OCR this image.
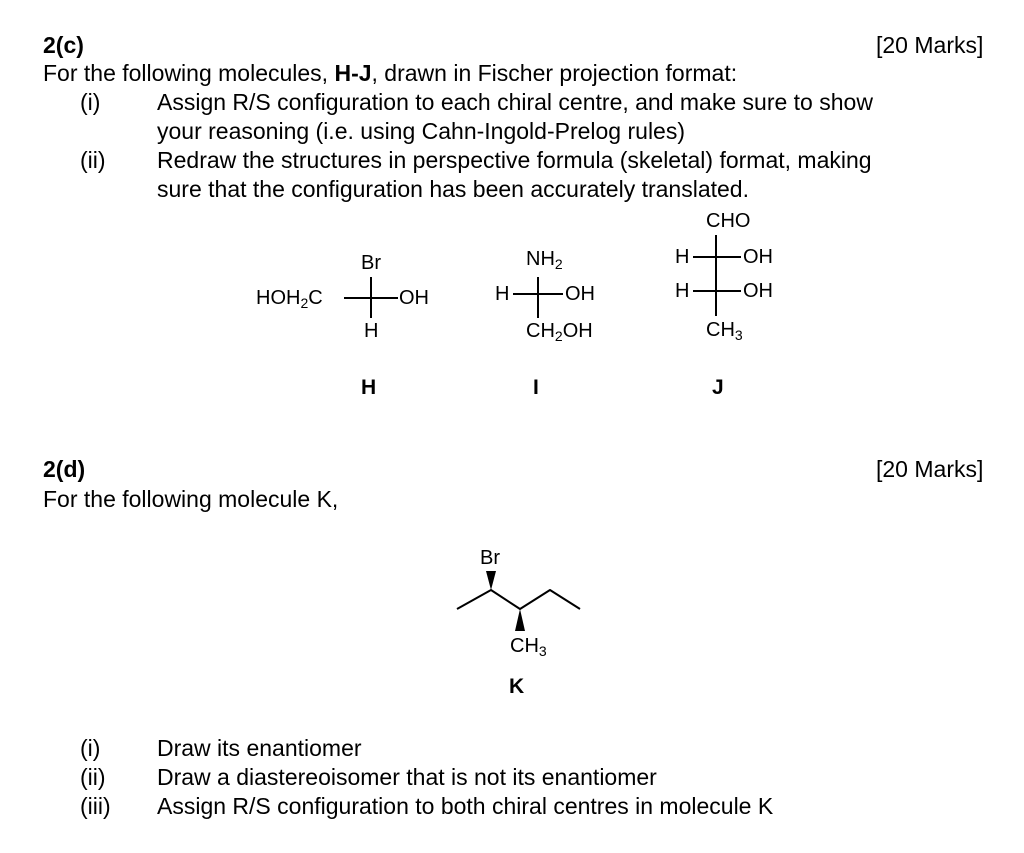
2(c)	[20 Marks]
For the following molecules, H-J, drawn in Fischer projection format:
(i) Assign R/S configuration to each chiral centre, and make sure to show
your reasoning (i.e. using Cahn-Ingold-Prelog rules)
(ii) Redraw the structures in perspective formula (skeletal) format, making
sure that the configuration has been accurately translated.
Br
$HOH_2C$	OH
H
H
$NH_2$
H	OH
$CH_2OH$
I
CHO
H	OH
H	OH
$CH_3$
J
2(d)	[20 Marks]
For the following molecule K,
Br
$CH_3$
K
(i) Draw its enantiomer
(ii) Draw a diastereoisomer that is not its enantiomer
(iii) Assign R/S configuration to both chiral centres in molecule K
